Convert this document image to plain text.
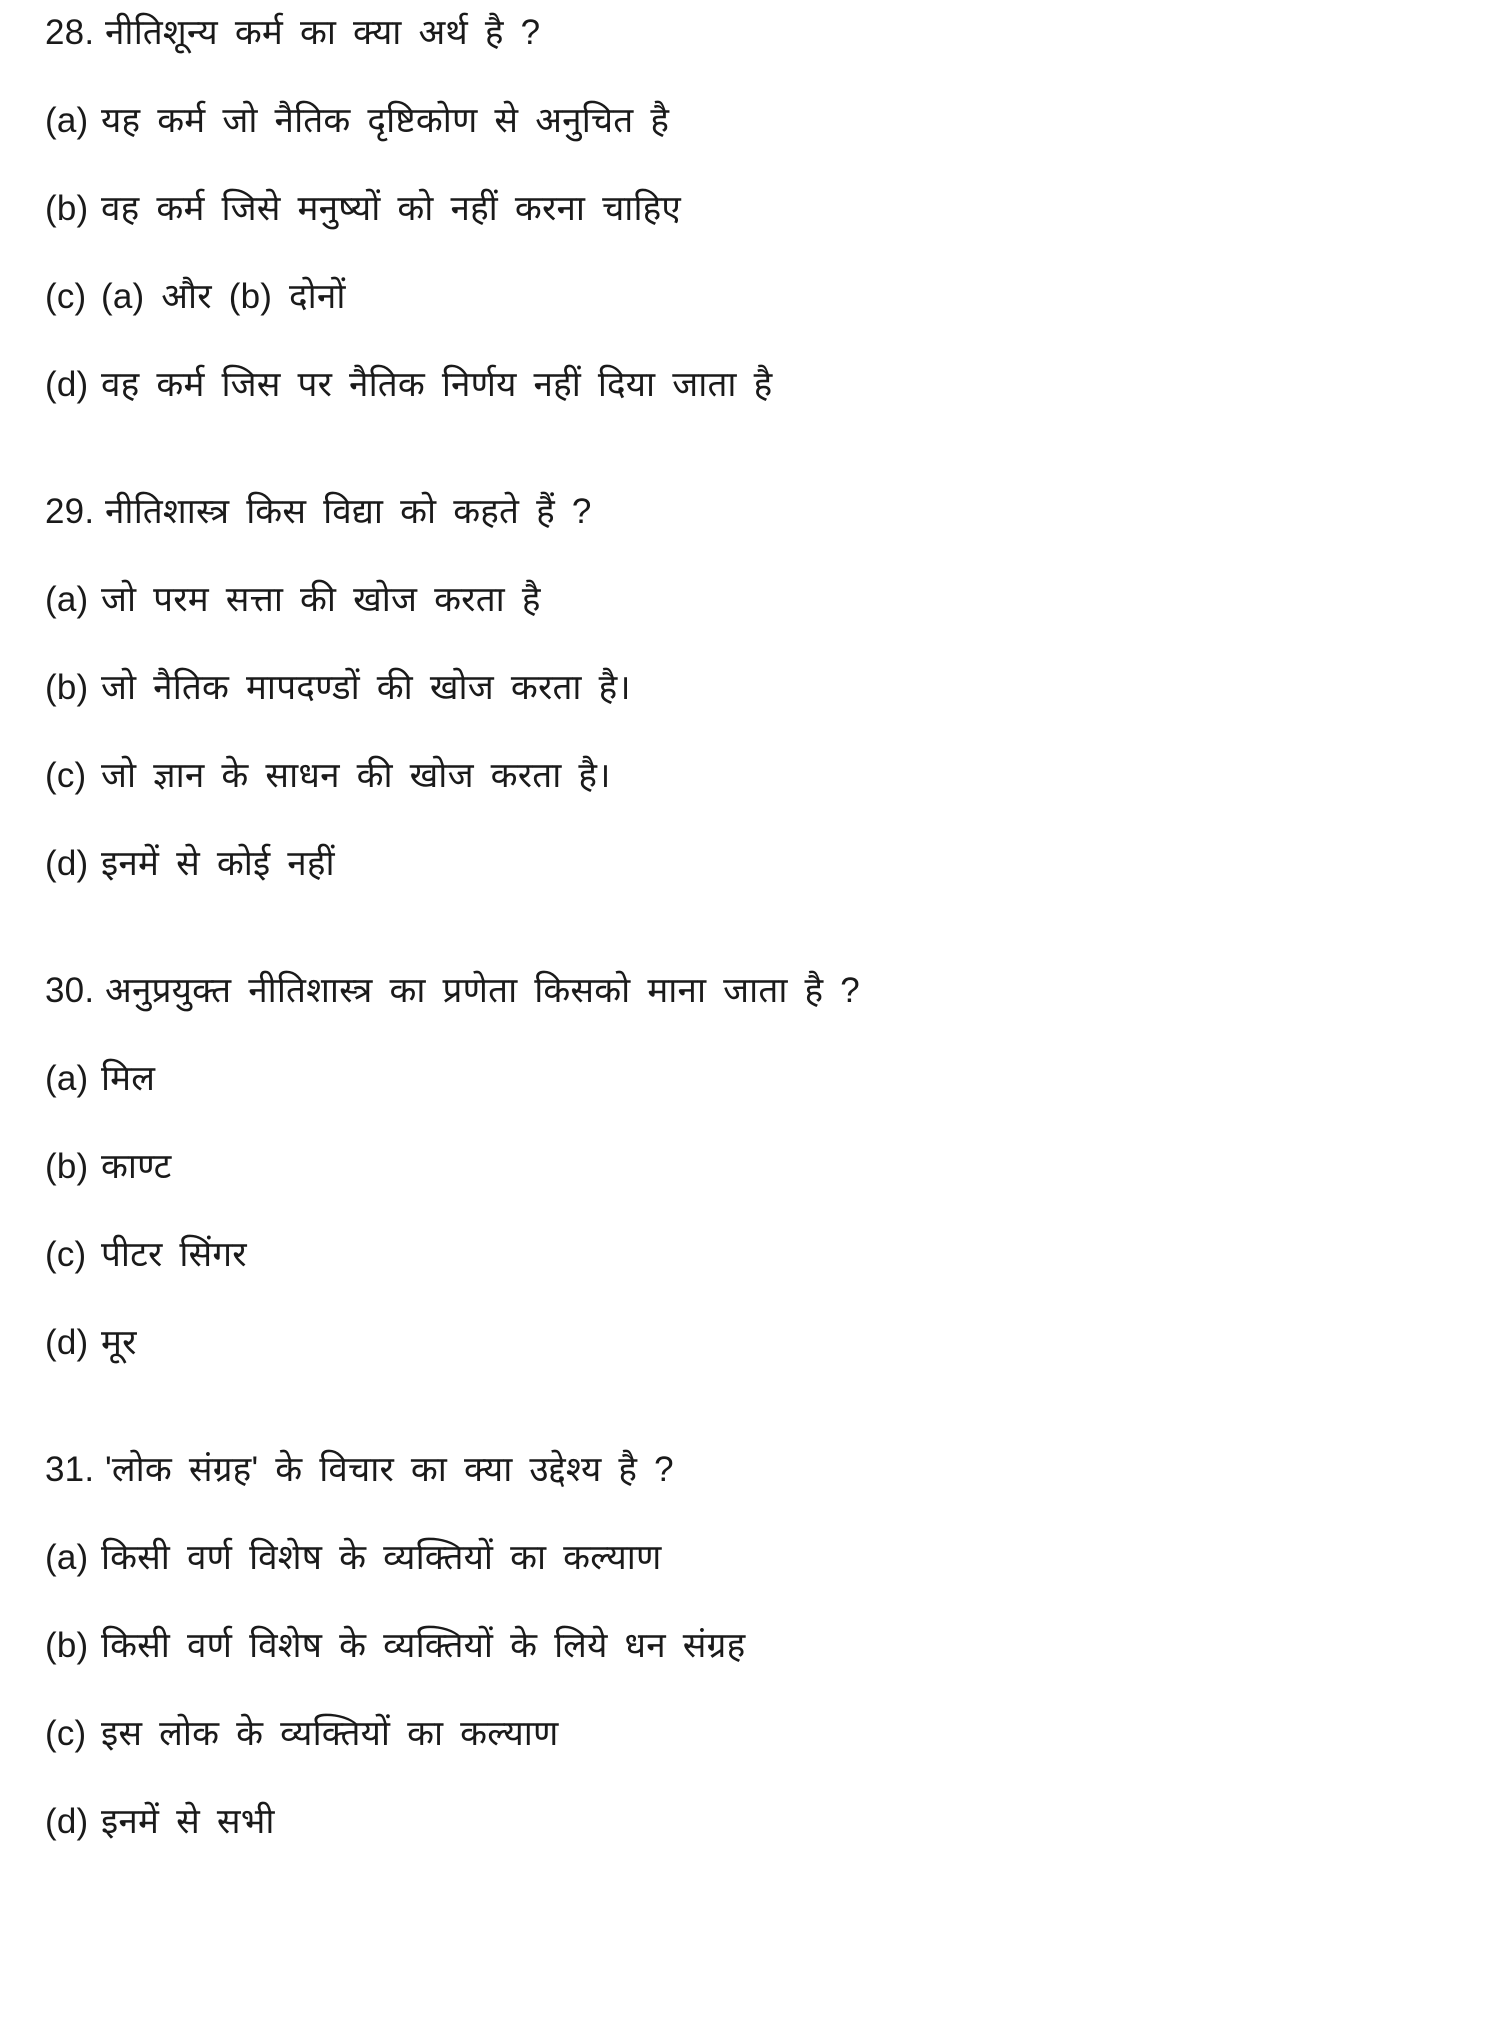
28. नीतिशून्य कर्म का क्या अर्थ है ?
(a) यह कर्म जो नैतिक दृष्टिकोण से अनुचित है
(b) वह कर्म जिसे मनुष्यों को नहीं करना चाहिए
(c) (a) और (b) दोनों
(d) वह कर्म जिस पर नैतिक निर्णय नहीं दिया जाता है
29. नीतिशास्त्र किस विद्या को कहते हैं ?
(a) जो परम सत्ता की खोज करता है
(b) जो नैतिक मापदण्डों की खोज करता है।
(c) जो ज्ञान के साधन की खोज करता है।
(d) इनमें से कोई नहीं
30. अनुप्रयुक्त नीतिशास्त्र का प्रणेता किसको माना जाता है ?
(a) मिल
(b) काण्ट
(c) पीटर सिंगर
(d) मूर
31. 'लोक संग्रह' के विचार का क्या उद्देश्य है ?
(a) किसी वर्ण विशेष के व्यक्तियों का कल्याण
(b) किसी वर्ण विशेष के व्यक्तियों के लिये धन संग्रह
(c) इस लोक के व्यक्तियों का कल्याण
(d) इनमें से सभी
